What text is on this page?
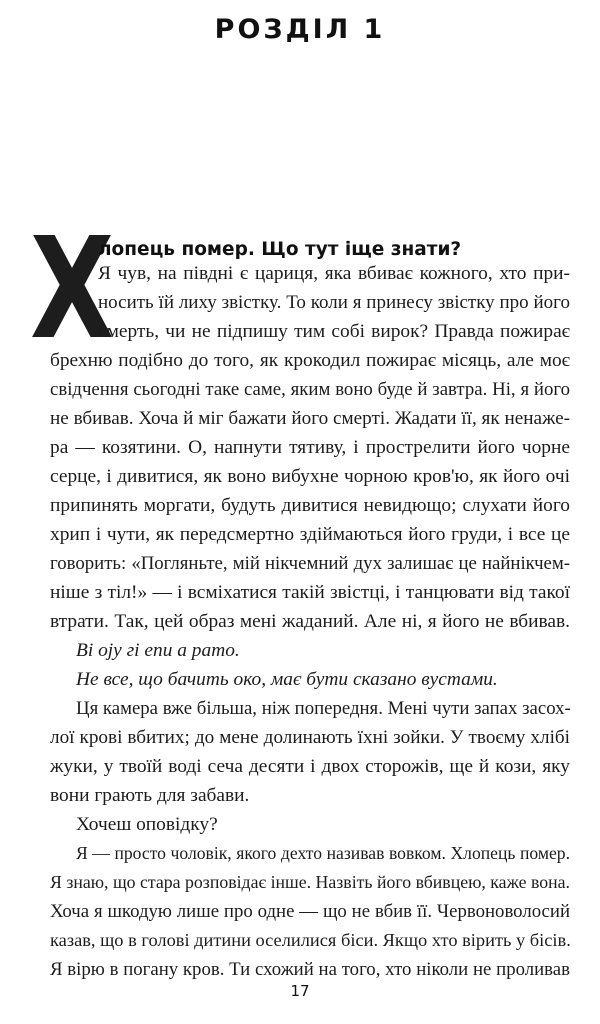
РОЗДІЛ 1
Х
лопець помер. Що тут іще знати?
Я чув, на півдні є цариця, яка вбиває кожного, хто при-
носить їй лиху звістку. То коли я принесу звістку про його
смерть, чи не підпишу тим собі вирок? Правда пожирає
брехню подібно до того, як крокодил пожирає місяць, але моє
свідчення сьогодні таке саме, яким воно буде й завтра. Ні, я його
не вбивав. Хоча й міг бажати його смерті. Жадати її, як ненаже-
ра — козятини. О, напнути тятиву, і прострелити його чорне
серце, і дивитися, як воно вибухне чорною кров'ю, як його очі
припинять моргати, будуть дивитися невидющо; слухати його
хрип і чути, як передсмертно здіймаються його груди, і все це
говорить: «Погляньте, мій нікчемний дух залишає це найнікчем-
ніше з тіл!» — і всміхатися такій звістці, і танцювати від такої
втрати. Так, цей образ мені жаданий. Але ні, я його не вбивав.
Ві оју гі епи а рато.
Не все, що бачить око, має бути сказано вустами.
Ця камера вже більша, ніж попередня. Мені чути запах засох-
лої крові вбитих; до мене долинають їхні зойки. У твоєму хлібі
жуки, у твоїй воді сеча десяти і двох сторожів, ще й кози, яку
вони грають для забави.
Хочеш оповідку?
Я — просто чоловік, якого дехто називав вовком. Хлопець помер.
Я знаю, що стара розповідає інше. Назвіть його вбивцею, каже вона.
Хоча я шкодую лише про одне — що не вбив її. Червоноволосий
казав, що в голові дитини оселилися біси. Якщо хто вірить у бісів.
Я вірю в погану кров. Ти схожий на того, хто ніколи не проливав
17
